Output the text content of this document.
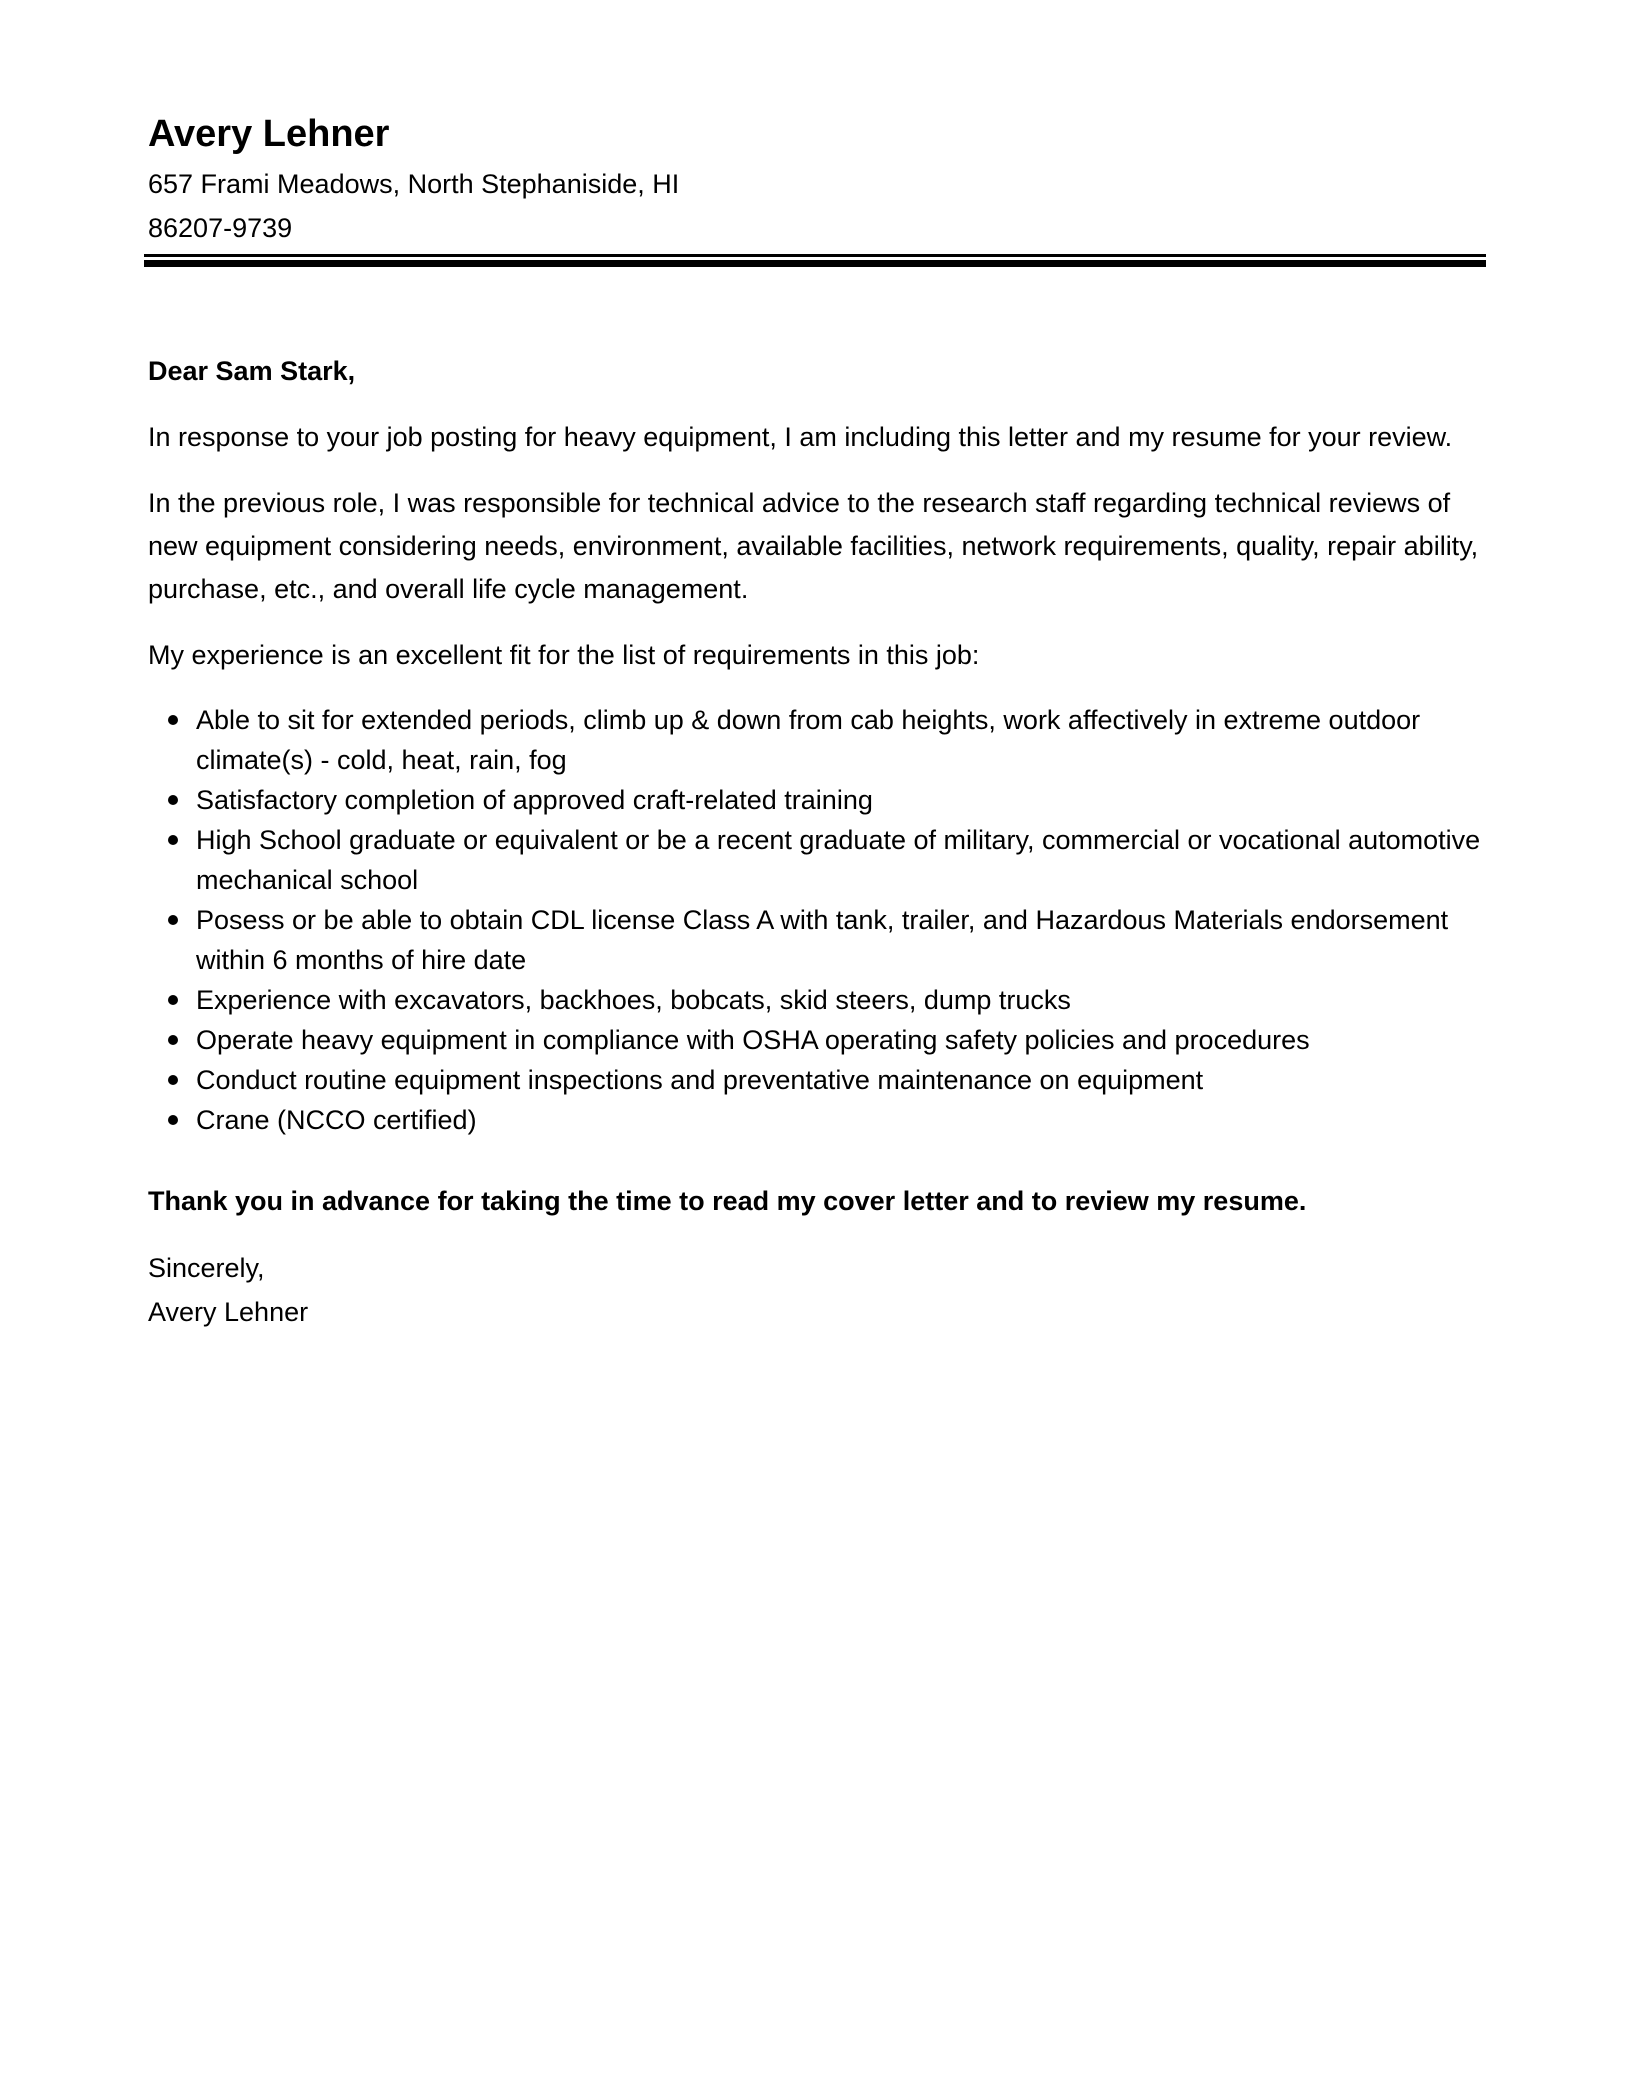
Avery Lehner

657 Frami Meadows, North Stephaniside, HI

86207-9739

Dear Sam Stark,

In response to your job posting for heavy equipment, I am including this letter and my resume for your review.

In the previous role, I was responsible for technical advice to the research staff regarding technical reviews of new equipment considering needs, environment, available facilities, network requirements, quality, repair ability, purchase, etc., and overall life cycle management.

My experience is an excellent fit for the list of requirements in this job:

Able to sit for extended periods, climb up & down from cab heights, work affectively in extreme outdoor climate(s) - cold, heat, rain, fog
Satisfactory completion of approved craft-related training
High School graduate or equivalent or be a recent graduate of military, commercial or vocational automotive mechanical school
Posess or be able to obtain CDL license Class A with tank, trailer, and Hazardous Materials endorsement within 6 months of hire date
Experience with excavators, backhoes, bobcats, skid steers, dump trucks
Operate heavy equipment in compliance with OSHA operating safety policies and procedures
Conduct routine equipment inspections and preventative maintenance on equipment
Crane (NCCO certified)

Thank you in advance for taking the time to read my cover letter and to review my resume.

Sincerely,

Avery Lehner
